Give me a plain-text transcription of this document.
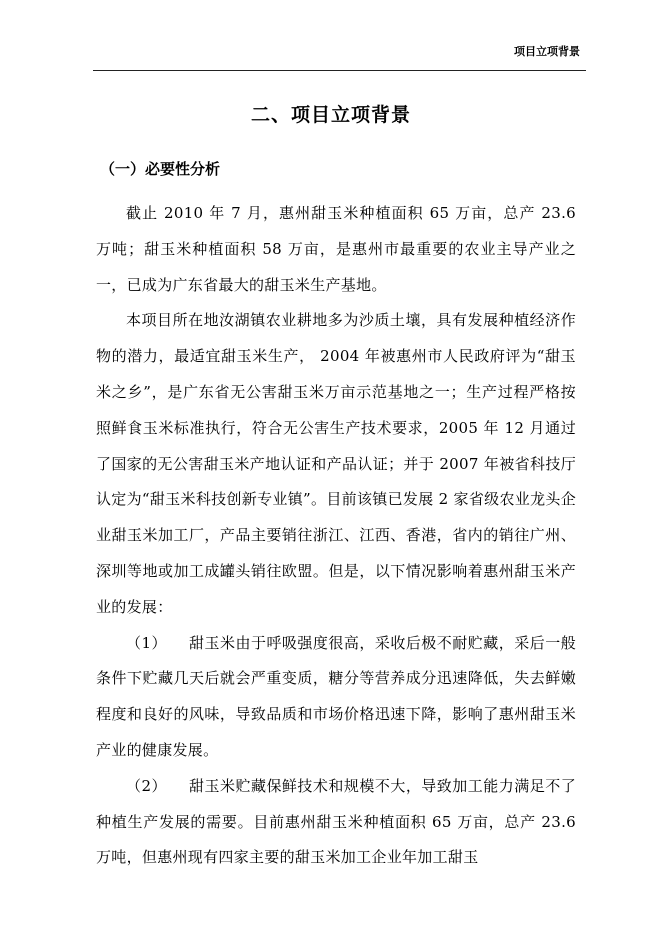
项目立项背景
二、项目立项背景
（一）必要性分析

截止 2010 年 7 月，惠州甜玉米种植面积 65 万亩，总产 23.6 万吨；甜玉米种植面积 58 万亩，是惠州市最重要的农业主导产业之一，已成为广东省最大的甜玉米生产基地。

本项目所在地汝湖镇农业耕地多为沙质土壤，具有发展种植经济作物的潜力，最适宜甜玉米生产， 2004 年被惠州市人民政府评为“甜玉米之乡”，是广东省无公害甜玉米万亩示范基地之一；生产过程严格按照鲜食玉米标准执行，符合无公害生产技术要求，2005 年 12 月通过了国家的无公害甜玉米产地认证和产品认证；并于 2007 年被省科技厅认定为“甜玉米科技创新专业镇”。目前该镇已发展 2 家省级农业龙头企业甜玉米加工厂，产品主要销往浙江、江西、香港，省内的销往广州、深圳等地或加工成罐头销往欧盟。但是，以下情况影响着惠州甜玉米产业的发展：

（1） 甜玉米由于呼吸强度很高，采收后极不耐贮藏，采后一般条件下贮藏几天后就会严重变质，糖分等营养成分迅速降低，失去鲜嫩程度和良好的风味，导致品质和市场价格迅速下降，影响了惠州甜玉米产业的健康发展。

（2） 甜玉米贮藏保鲜技术和规模不大，导致加工能力满足不了种植生产发展的需要。目前惠州甜玉米种植面积 65 万亩，总产 23.6 万吨，但惠州现有四家主要的甜玉米加工企业年加工甜玉
